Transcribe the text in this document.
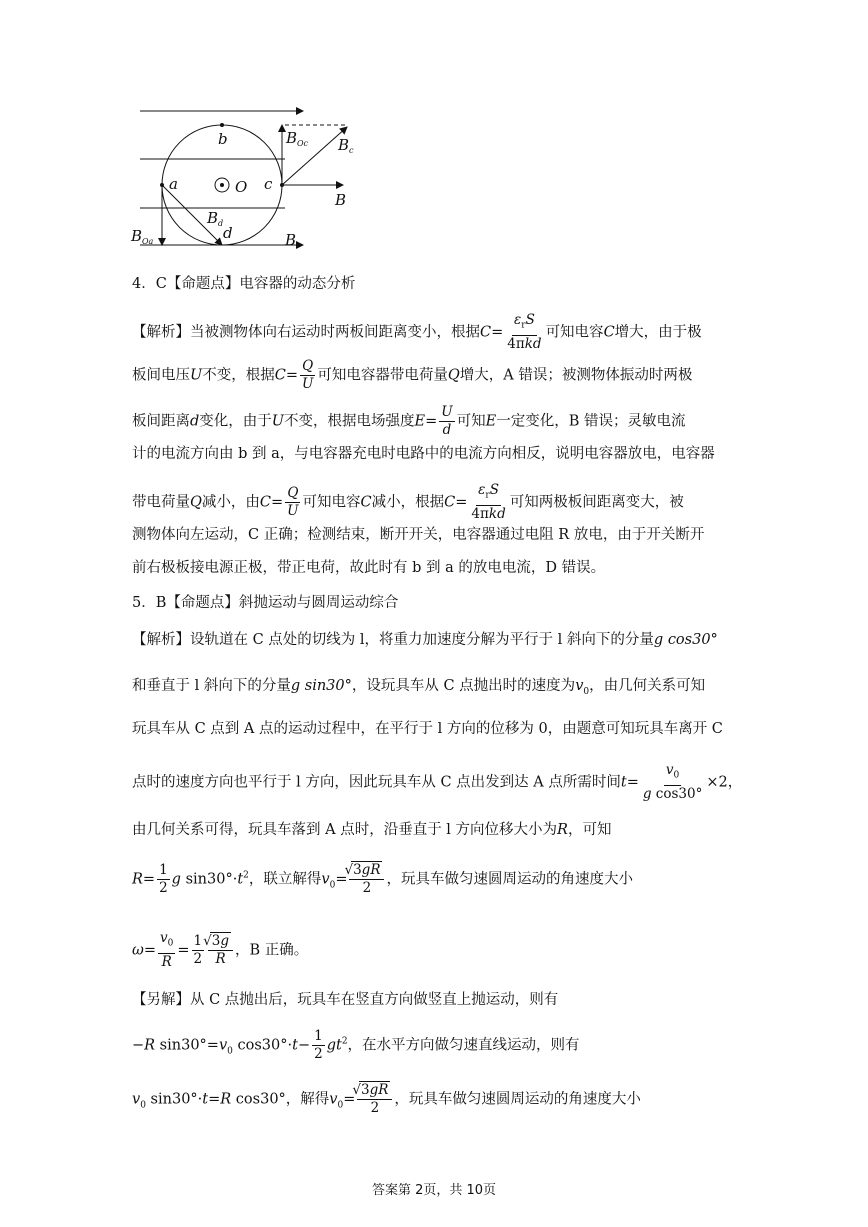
b
O
a	c
d
B
B
B	B
B
B
Oc
c
d
Oa
4．C【命题点】电容器的动态分析
【解析】当被测物体向右运动时两板间距离变小，根据$C= \frac{\varepsilon_rS}{\text{4πkd}}$ 可知电容C增大，由于极
板间电压U不变，根据$C= \frac{Q}{U}$ 可知电容器带电荷量Q增大，A 错误；被测物体振动时两极
板间距离d变化，由于U不变，根据电场强度$E= \frac{U}{d}$ 可知E一定变化，B 错误；灵敏电流
计的电流方向由 b 到 a，与电容器充电时电路中的电流方向相反，说明电容器放电，电容器
带电荷量Q减小，由$C= \frac{Q}{U}$ 可知电容C减小，根据$C= \frac{\varepsilon_rS}{\text{4πkd}}$ 可知两极板间距离变大，被
测物体向左运动，C 正确；检测结束，断开开关，电容器通过电阻 R 放电，由于开关断开
前右极板接电源正极，带正电荷，故此时有 b 到 a 的放电电流，D 错误。
5．B【命题点】斜抛运动与圆周运动综合
【解析】设轨道在 C 点处的切线为 l，将重力加速度分解为平行于 l 斜向下的分量g cos30°
和垂直于 l 斜向下的分量g sin30°，设玩具车从 C 点抛出时的速度为$v_0$，由几何关系可知
玩具车从 C 点到 A 点的运动过程中，在平行于 l 方向的位移为 0，由题意可知玩具车离开 C
点时的速度方向也平行于 l 方向，因此玩具车从 C 点出发到达 A 点所需时间$t= \frac{v_0}{\text{g cos30°}} \times 2$，
由几何关系可得，玩具车落到 A 点时，沿垂直于 l 方向位移大小为R，可知
$R= \frac{1}{2}$ g $\sin 30^\circ\cdot t^2$，联立解得$v_0=$ √ $\frac{3gR}{2}$ ，玩具车做匀速圆周运动的角速度大小
$\omega= \frac{v_0}{R} = \frac{1}{2}$ √ $\frac{3g}{R}$ ，B 正确。
【另解】从 C 点抛出后，玩具车在竖直方向做竖直上抛运动，则有
−R $\sin 30^\circ=v_0$ $\cos 30^\circ\cdot t- \frac{1}{2} gt^2$，在水平方向做匀速直线运动，则有
$v_0$ sin30°·t=R cos30°，解得$v_0=$ √ $\frac{3gR}{2}$ ，玩具车做匀速圆周运动的角速度大小
答案第 2页，共 10页
